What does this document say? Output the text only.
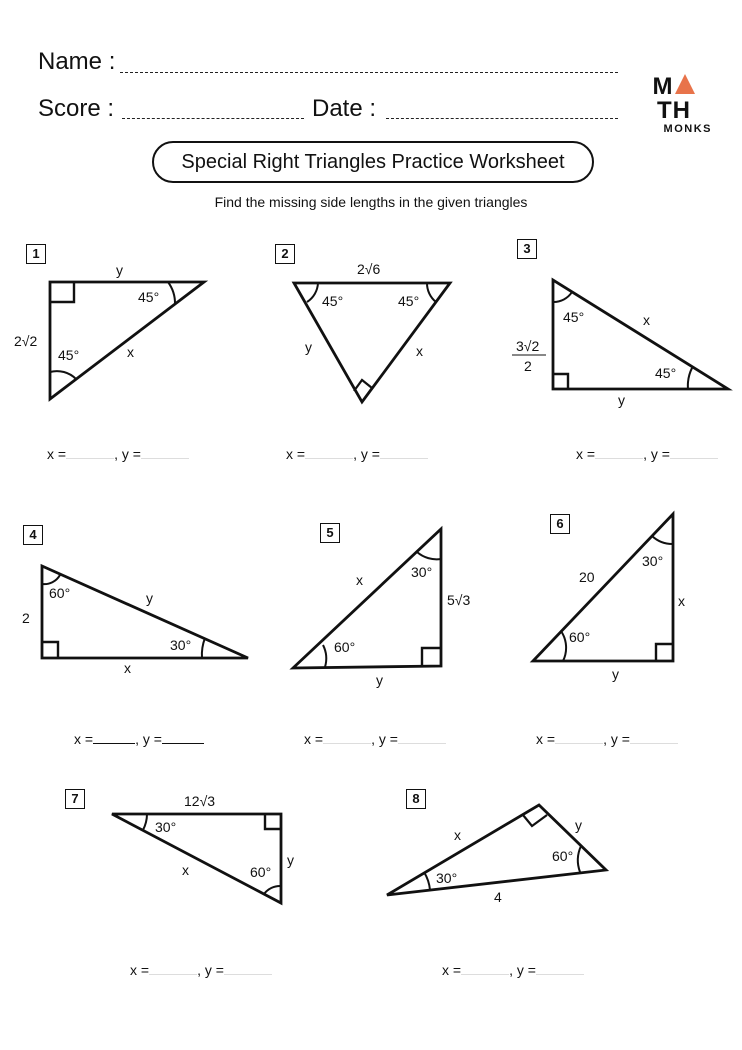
Name :
Score :	Date :
MTH
MONKS
Special Right Triangles Practice Worksheet
Find the missing side lengths in the given triangles
1	2	3
4	5
6
7	8
y
2√2
x
45°
45°
2√6
y	x
45°	45°
3√2
2
x
y
45°
45°
2
y
x
60°
30°
x
5√3
y
30°
60°
20
x
y
30°
60°
12√3
y
x
30°
60°
x
y
4
30°
60°
x =	, y =	x =	, y =	x =	, y =
x =	, y =	x =	, y =	x =	, y =
x =	, y =	x =	, y =
